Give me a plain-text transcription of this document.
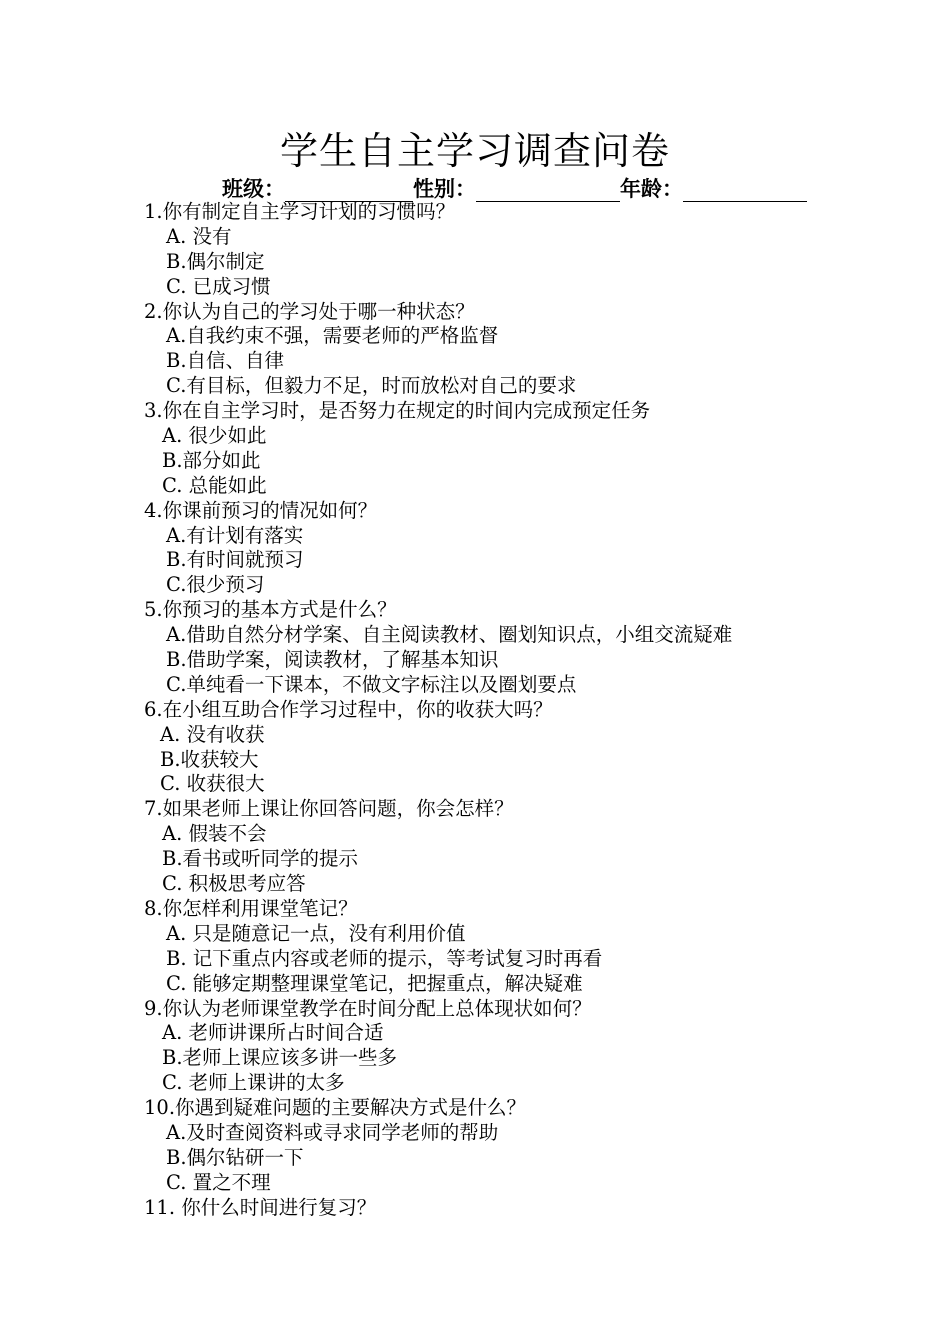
学生自主学习调查问卷
班级：	性别：	年龄：
1.你有制定自主学习计划的习惯吗？
A. 没有
B.偶尔制定
C. 已成习惯
2.你认为自己的学习处于哪一种状态？
A.自我约束不强，需要老师的严格监督
B.自信、自律
C.有目标，但毅力不足，时而放松对自己的要求
3.你在自主学习时，是否努力在规定的时间内完成预定任务
A. 很少如此
B.部分如此
C. 总能如此
4.你课前预习的情况如何？
A.有计划有落实
B.有时间就预习
C.很少预习
5.你预习的基本方式是什么？
A.借助自然分材学案、自主阅读教材、圈划知识点，小组交流疑难
B.借助学案，阅读教材，了解基本知识
C.单纯看一下课本，不做文字标注以及圈划要点
6.在小组互助合作学习过程中，你的收获大吗？
A. 没有收获
B.收获较大
C. 收获很大
7.如果老师上课让你回答问题，你会怎样？
A. 假装不会
B.看书或听同学的提示
C. 积极思考应答
8.你怎样利用课堂笔记？
A. 只是随意记一点，没有利用价值
B. 记下重点内容或老师的提示，等考试复习时再看
C. 能够定期整理课堂笔记，把握重点，解决疑难
9.你认为老师课堂教学在时间分配上总体现状如何？
A. 老师讲课所占时间合适
B.老师上课应该多讲一些多
C. 老师上课讲的太多
10.你遇到疑难问题的主要解决方式是什么？
A.及时查阅资料或寻求同学老师的帮助
B.偶尔钻研一下
C. 置之不理
11. 你什么时间进行复习？
